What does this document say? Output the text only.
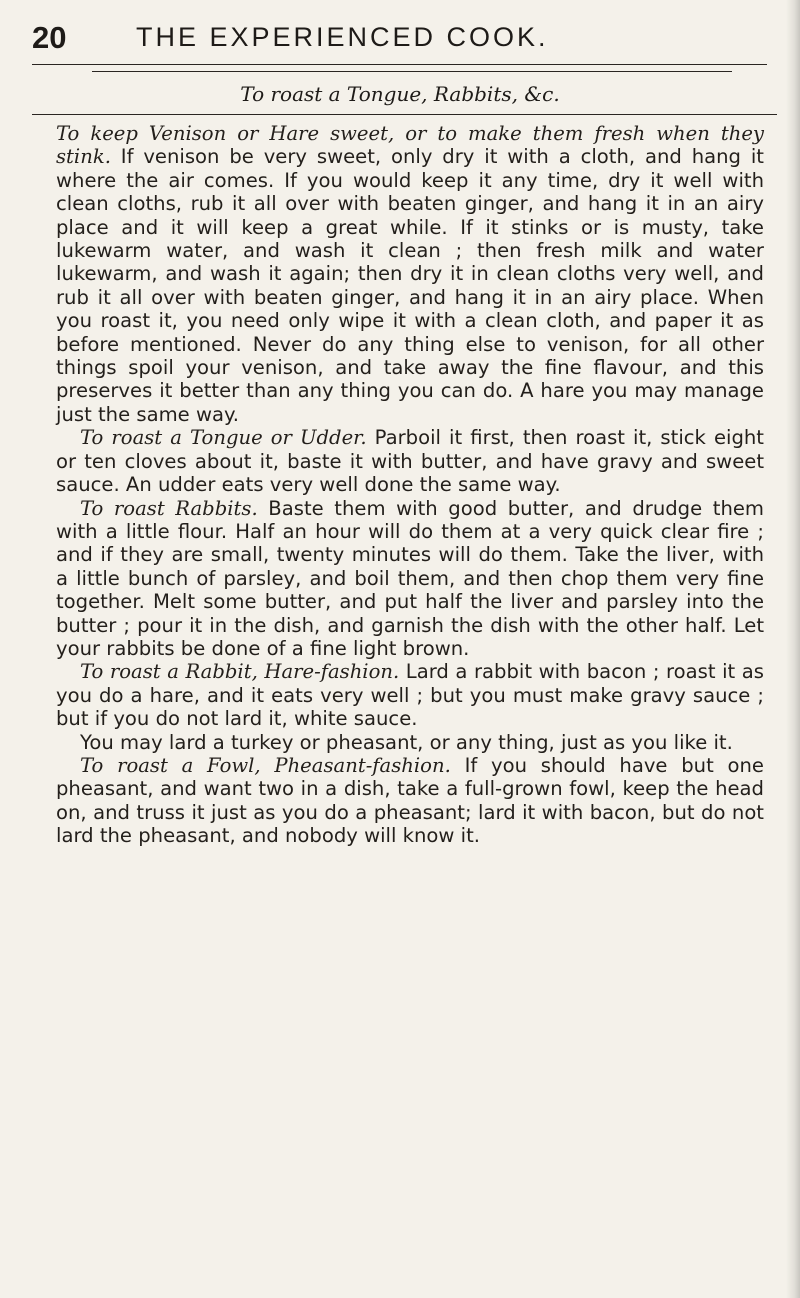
20	THE EXPERIENCED COOK.
To roast a Tongue, Rabbits, &c.

To keep Venison or Hare sweet, or to make them fresh when they stink. If venison be very sweet, only dry it with a cloth, and hang it where the air comes. If you would keep it any time, dry it well with clean cloths, rub it all over with beaten ginger, and hang it in an airy place and it will keep a great while. If it stinks or is musty, take lukewarm water, and wash it clean ; then fresh milk and water lukewarm, and wash it again; then dry it in clean cloths very well, and rub it all over with beaten ginger, and hang it in an airy place. When you roast it, you need only wipe it with a clean cloth, and paper it as before mentioned. Never do any thing else to venison, for all other things spoil your venison, and take away the fine flavour, and this preserves it better than any thing you can do. A hare you may manage just the same way.

To roast a Tongue or Udder. Parboil it first, then roast it, stick eight or ten cloves about it, baste it with butter, and have gravy and sweet sauce. An udder eats very well done the same way.

To roast Rabbits. Baste them with good butter, and drudge them with a little flour. Half an hour will do them at a very quick clear fire ; and if they are small, twenty minutes will do them. Take the liver, with a little bunch of parsley, and boil them, and then chop them very fine together. Melt some butter, and put half the liver and parsley into the butter ; pour it in the dish, and garnish the dish with the other half. Let your rabbits be done of a fine light brown.

To roast a Rabbit, Hare-fashion. Lard a rabbit with bacon ; roast it as you do a hare, and it eats very well ; but you must make gravy sauce ; but if you do not lard it, white sauce.

You may lard a turkey or pheasant, or any thing, just as you like it.

To roast a Fowl, Pheasant-fashion. If you should have but one pheasant, and want two in a dish, take a full-grown fowl, keep the head on, and truss it just as you do a pheasant; lard it with bacon, but do not lard the pheasant, and nobody will know it.
